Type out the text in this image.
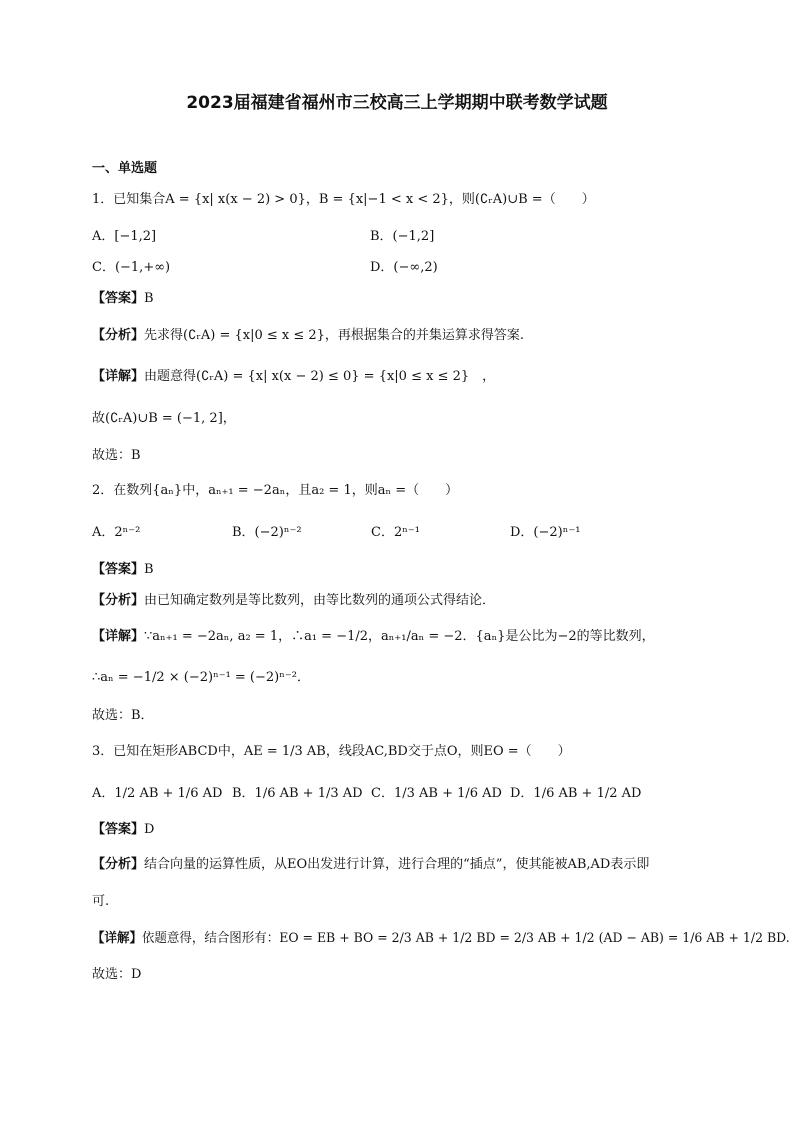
2023届福建省福州市三校高三上学期期中联考数学试题
一、单选题
1．已知集合A = {x| x(x − 2) > 0}，B = {x|−1 < x < 2}，则(∁ᵣA)∪B =（　　）
A．[−1,2]	B．(−1,2]
C．(−1,+∞)	D．(−∞,2)
【答案】B
【分析】先求得(∁ᵣA) = {x|0 ≤ x ≤ 2}，再根据集合的并集运算求得答案.
【详解】由题意得(∁ᵣA) = {x| x(x − 2) ≤ 0} = {x|0 ≤ x ≤ 2}　，
故(∁ᵣA)∪B = (−1, 2]，
故选：B
2．在数列{aₙ}中，aₙ₊₁ = −2aₙ，且a₂ = 1，则aₙ =（　　）
A．2ⁿ⁻²	B．(−2)ⁿ⁻²	C．2ⁿ⁻¹	D．(−2)ⁿ⁻¹
【答案】B
【分析】由已知确定数列是等比数列，由等比数列的通项公式得结论．
【详解】∵aₙ₊₁ = −2aₙ, a₂ = 1，∴a₁ = −1/2，aₙ₊₁/aₙ = −2．{aₙ}是公比为−2的等比数列，
∴aₙ = −1/2 × (−2)ⁿ⁻¹ = (−2)ⁿ⁻²．
故选：B．
3．已知在矩形ABCD中，AE = 1/3 AB，线段AC,BD交于点O，则EO =（　　）
A．1/2 AB + 1/6 AD B．1/6 AB + 1/3 AD C．1/3 AB + 1/6 AD D．1/6 AB + 1/2 AD
【答案】D
【分析】结合向量的运算性质，从EO出发进行计算，进行合理的“插点”，使其能被AB,AD表示即
可.
【详解】依题意得，结合图形有：EO = EB + BO = 2/3 AB + 1/2 BD = 2/3 AB + 1/2 (AD − AB) = 1/6 AB + 1/2 BD.
故选：D
